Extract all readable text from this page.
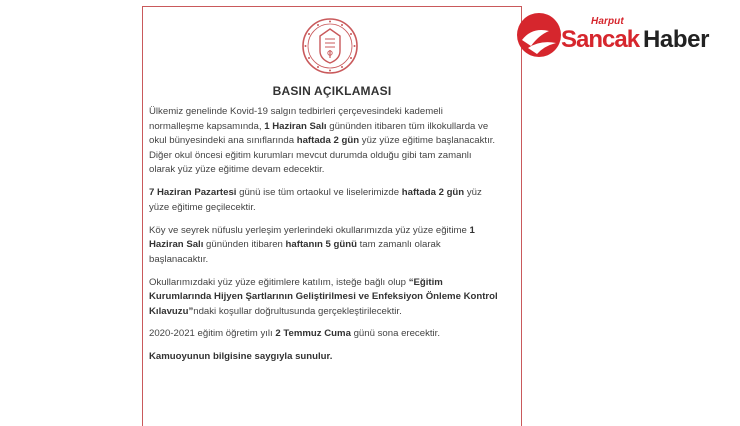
BASIN AÇIKLAMASI

Ülkemiz genelinde Kovid-19 salgın tedbirleri çerçevesindeki kademeli normalleşme kapsamında, 1 Haziran Salı gününden itibaren tüm ilkokullarda ve okul bünyesindeki ana sınıflarında haftada 2 gün yüz yüze eğitime başlanacaktır. Diğer okul öncesi eğitim kurumları mevcut durumda olduğu gibi tam zamanlı olarak yüz yüze eğitime devam edecektir.

7 Haziran Pazartesi günü ise tüm ortaokul ve liselerimizde haftada 2 gün yüz yüze eğitime geçilecektir.

Köy ve seyrek nüfuslu yerleşim yerlerindeki okullarımızda yüz yüze eğitime 1 Haziran Salı gününden itibaren haftanın 5 günü tam zamanlı olarak başlanacaktır.

Okullarımızdaki yüz yüze eğitimlere katılım, isteğe bağlı olup “Eğitim Kurumlarında Hijyen Şartlarının Geliştirilmesi ve Enfeksiyon Önleme Kontrol Kılavuzu”ndaki koşullar doğrultusunda gerçekleştirilecektir.

2020-2021 eğitim öğretim yılı 2 Temmuz Cuma günü sona erecektir.

Kamuoyunun bilgisine saygıyla sunulur.

Harput
Sancak Haber
